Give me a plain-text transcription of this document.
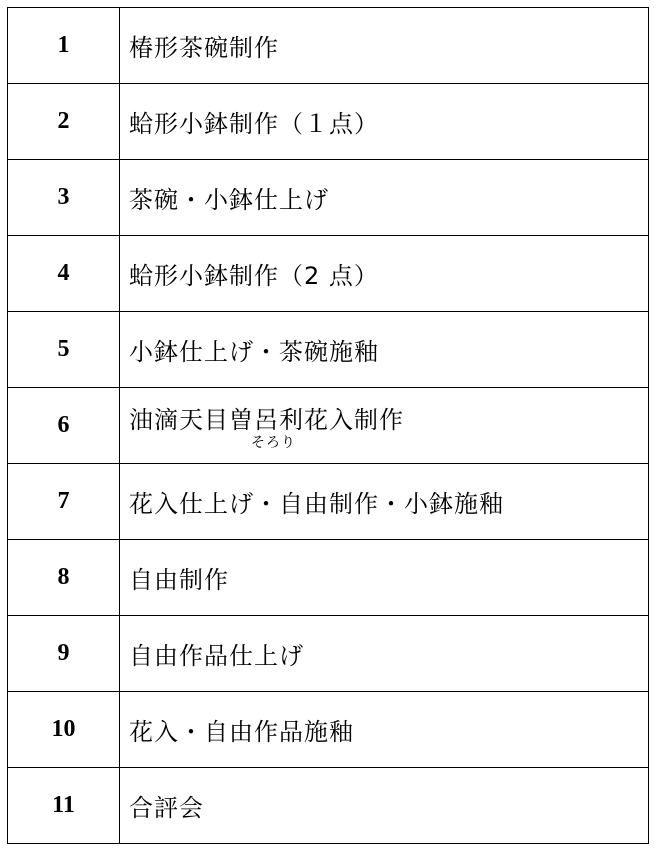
1	椿形茶碗制作
2	蛤形小鉢制作（１点）
3	茶碗・小鉢仕上げ
4	蛤形小鉢制作（2 点）
5	小鉢仕上げ・茶碗施釉
6	油滴天目曽呂利花入制作
そろり

7	花入仕上げ・自由制作・小鉢施釉
8	自由制作
9	自由作品仕上げ
10	花入・自由作品施釉
11	合評会
